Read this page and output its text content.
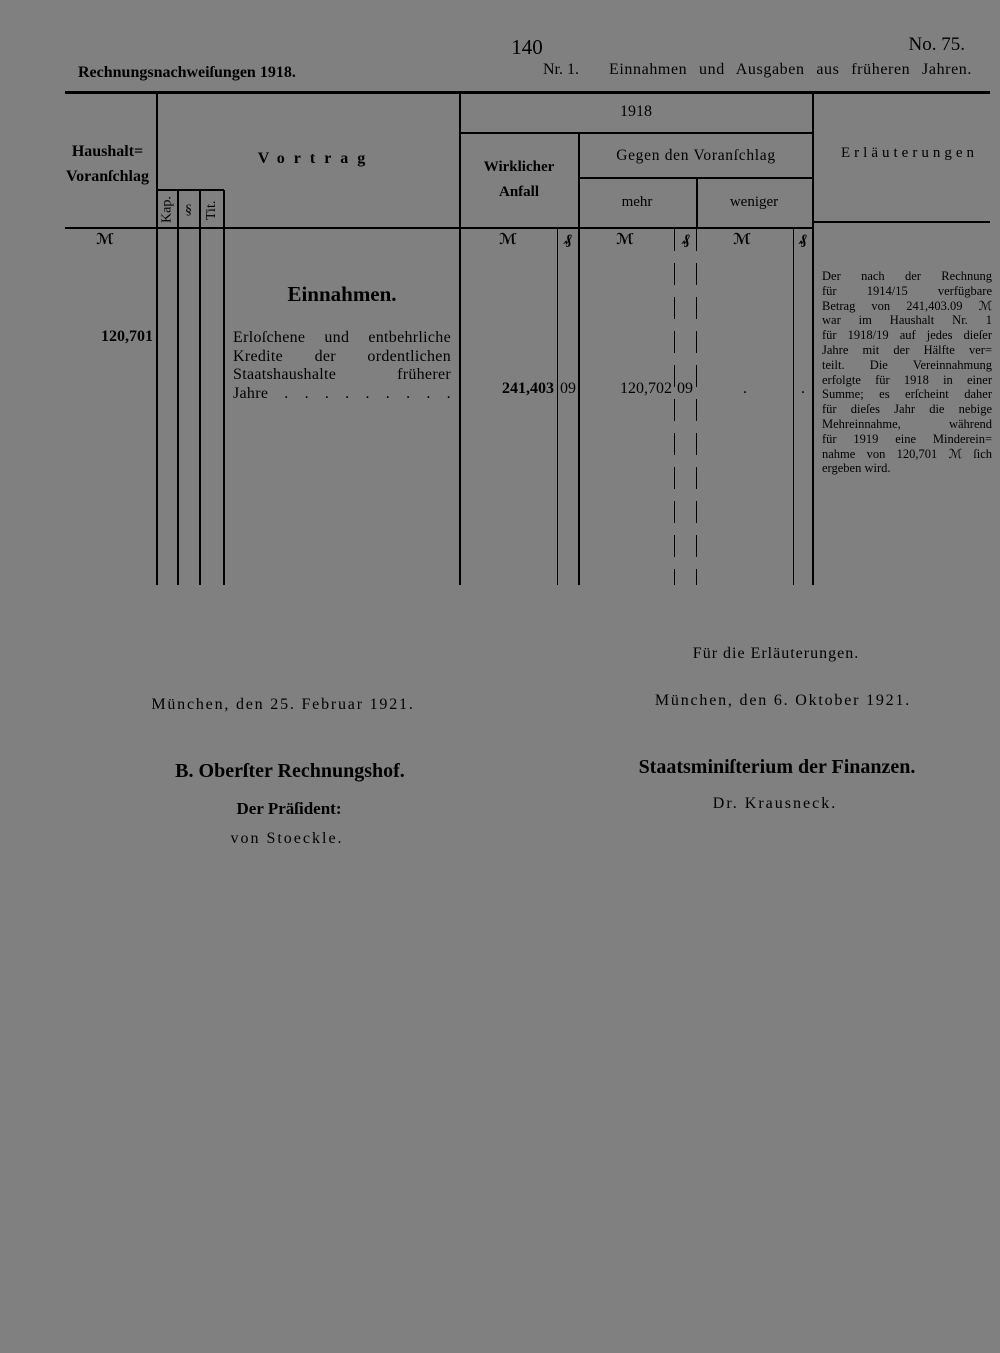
140	No. 75.
Rechnungsnachweiſungen 1918.	Nr. 1. Einnahmen und Ausgaben aus früheren Jahren.
Haushalt=
Voranſchlag
Vortrag
Kap. § Tit.
1918
Wirklicher
Anfall
Gegen den Voranſchlag
mehr	weniger
Erläuterungen
ℳ	ℳ	₰	ℳ	₰	ℳ	₰
Einnahmen.
120,701	Erloſchene und entbehrliche
Kredite der ordentlichen
Staatshaushalte früherer
Jahre . . . . . . . . .	241,403 09	120,702 09	.	.
Der nach der Rechnung
für 1914/15 verfügbare
Betrag von 241,403.09 ℳ
war im Haushalt Nr. 1
für 1918/19 auf jedes dieſer
Jahre mit der Hälfte ver=
teilt. Die Vereinnahmung
erfolgte für 1918 in einer
Summe; es erſcheint daher
für dieſes Jahr die nebige
Mehreinnahme, während
für 1919 eine Minderein=
nahme von 120,701 ℳ ſich
ergeben wird.
Für die Erläuterungen.
München, den 25. Februar 1921.	München, den 6. Oktober 1921.
B. Oberſter Rechnungshof.	Staatsminiſterium der Finanzen.
Der Präſident:	Dr. Krausneck.
von Stoeckle.
